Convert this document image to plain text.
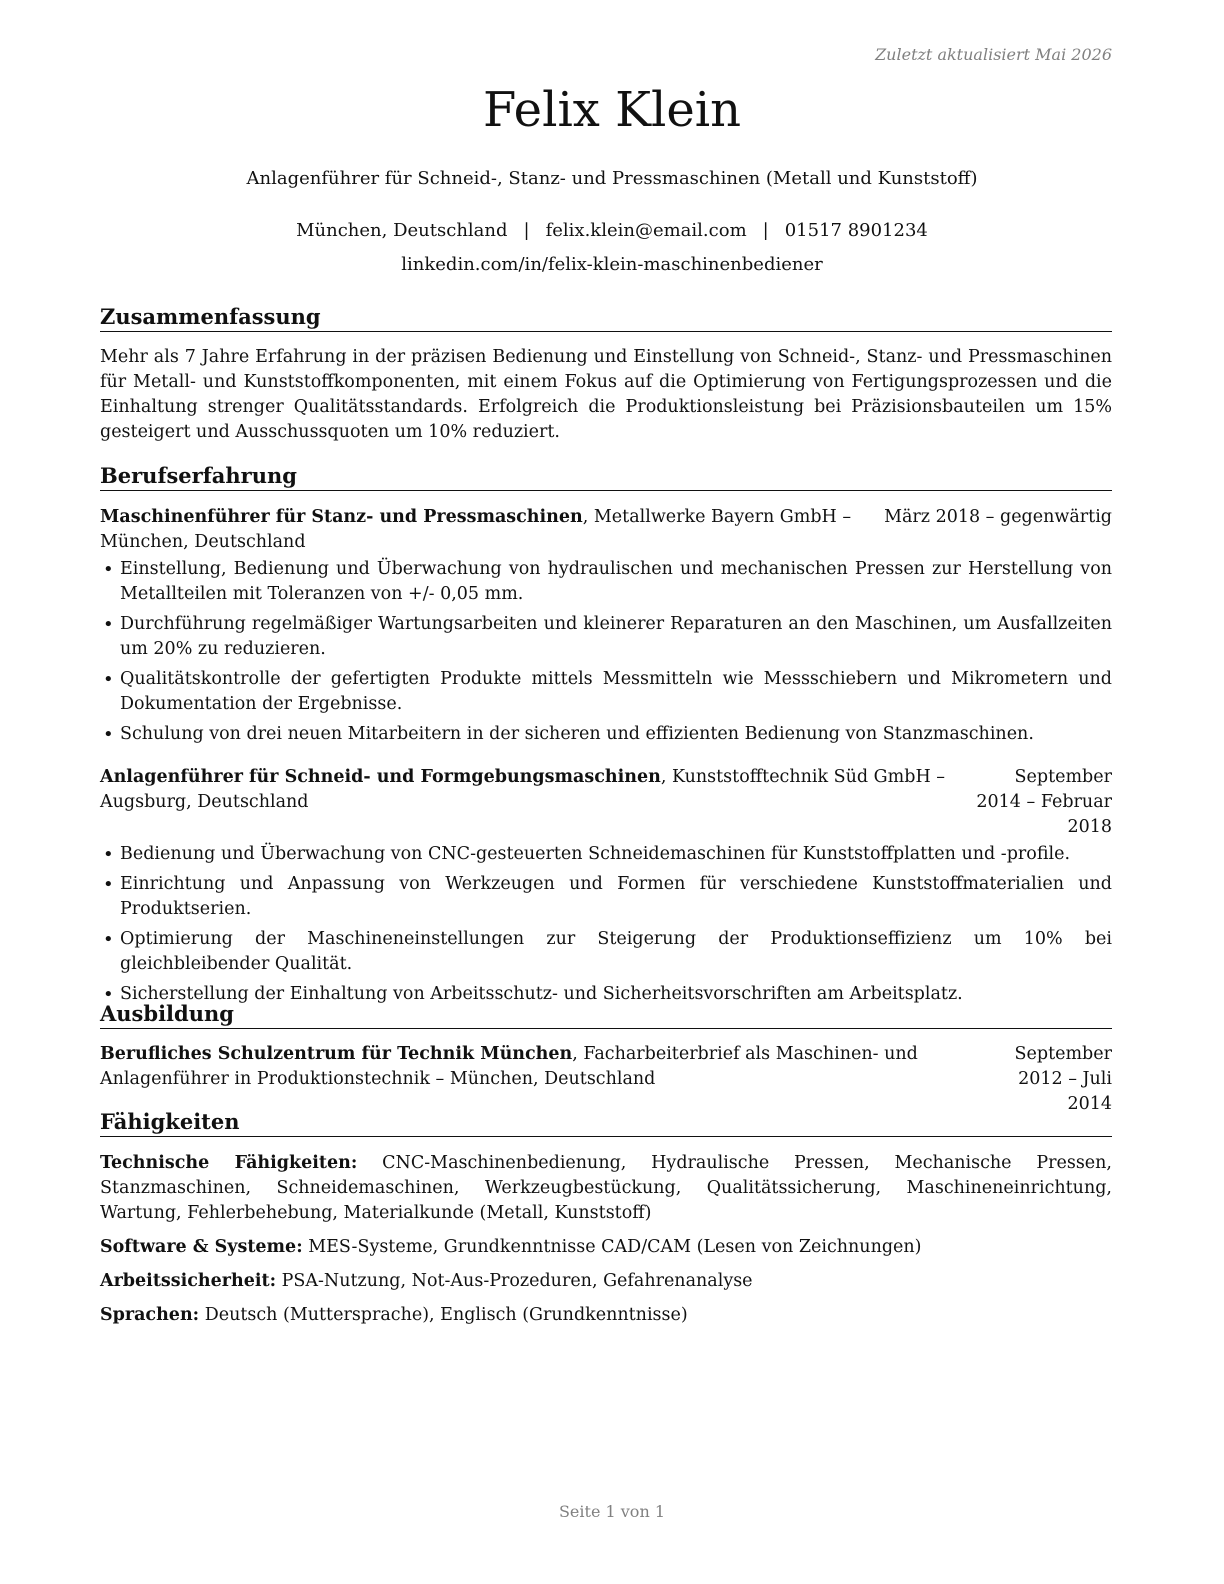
Zuletzt aktualisiert Mai 2026
Felix Klein
Anlagenführer für Schneid-, Stanz- und Pressmaschinen (Metall und Kunststoff)
München, Deutschland | felix.klein@email.com | 01517 8901234
linkedin.com/in/felix-klein-maschinenbediener
Zusammenfassung

Mehr als 7 Jahre Erfahrung in der präzisen Bedienung und Einstellung von Schneid-, Stanz- und Pressmaschinen für Metall- und Kunststoffkomponenten, mit einem Fokus auf die Optimierung von Fertigungsprozessen und die Einhaltung strenger Qualitätsstandards. Erfolgreich die Produktionsleistung bei Präzisionsbauteilen um 15% gesteigert und Ausschussquoten um 10% reduziert.

Berufserfahrung
Maschinenführer für Stanz- und Pressmaschinen, Metallwerke Bayern GmbH – München, Deutschland
März 2018 – gegenwärtig
• Einstellung, Bedienung und Überwachung von hydraulischen und mechanischen Pressen zur Herstellung von Metallteilen mit Toleranzen von +/- 0,05 mm.
• Durchführung regelmäßiger Wartungsarbeiten und kleinerer Reparaturen an den Maschinen, um Ausfallzeiten um 20% zu reduzieren.
• Qualitätskontrolle der gefertigten Produkte mittels Messmitteln wie Messschiebern und Mikrometern und Dokumentation der Ergebnisse.
• Schulung von drei neuen Mitarbeitern in der sicheren und effizienten Bedienung von Stanzmaschinen.
Anlagenführer für Schneid- und Formgebungsmaschinen, Kunststofftechnik Süd GmbH – Augsburg, Deutschland
September 2014 – Februar 2018
• Bedienung und Überwachung von CNC-gesteuerten Schneidemaschinen für Kunststoffplatten und -profile.
• Einrichtung und Anpassung von Werkzeugen und Formen für verschiedene Kunststoffmaterialien und Produktserien.
• Optimierung der Maschineneinstellungen zur Steigerung der Produktionseffizienz um 10% bei gleichbleibender Qualität.
• Sicherstellung der Einhaltung von Arbeitsschutz- und Sicherheitsvorschriften am Arbeitsplatz.
Ausbildung
Berufliches Schulzentrum für Technik München, Facharbeiterbrief als Maschinen- und Anlagenführer in Produktionstechnik – München, Deutschland
September 2012 – Juli 2014
Fähigkeiten
Technische Fähigkeiten: CNC-Maschinenbedienung, Hydraulische Pressen, Mechanische Pressen, Stanzmaschinen, Schneidemaschinen, Werkzeugbestückung, Qualitätssicherung, Maschineneinrichtung, Wartung, Fehlerbehebung, Materialkunde (Metall, Kunststoff)
Software & Systeme: MES-Systeme, Grundkenntnisse CAD/CAM (Lesen von Zeichnungen)
Arbeitssicherheit: PSA-Nutzung, Not-Aus-Prozeduren, Gefahrenanalyse
Sprachen: Deutsch (Muttersprache), Englisch (Grundkenntnisse)
Seite 1 von 1
